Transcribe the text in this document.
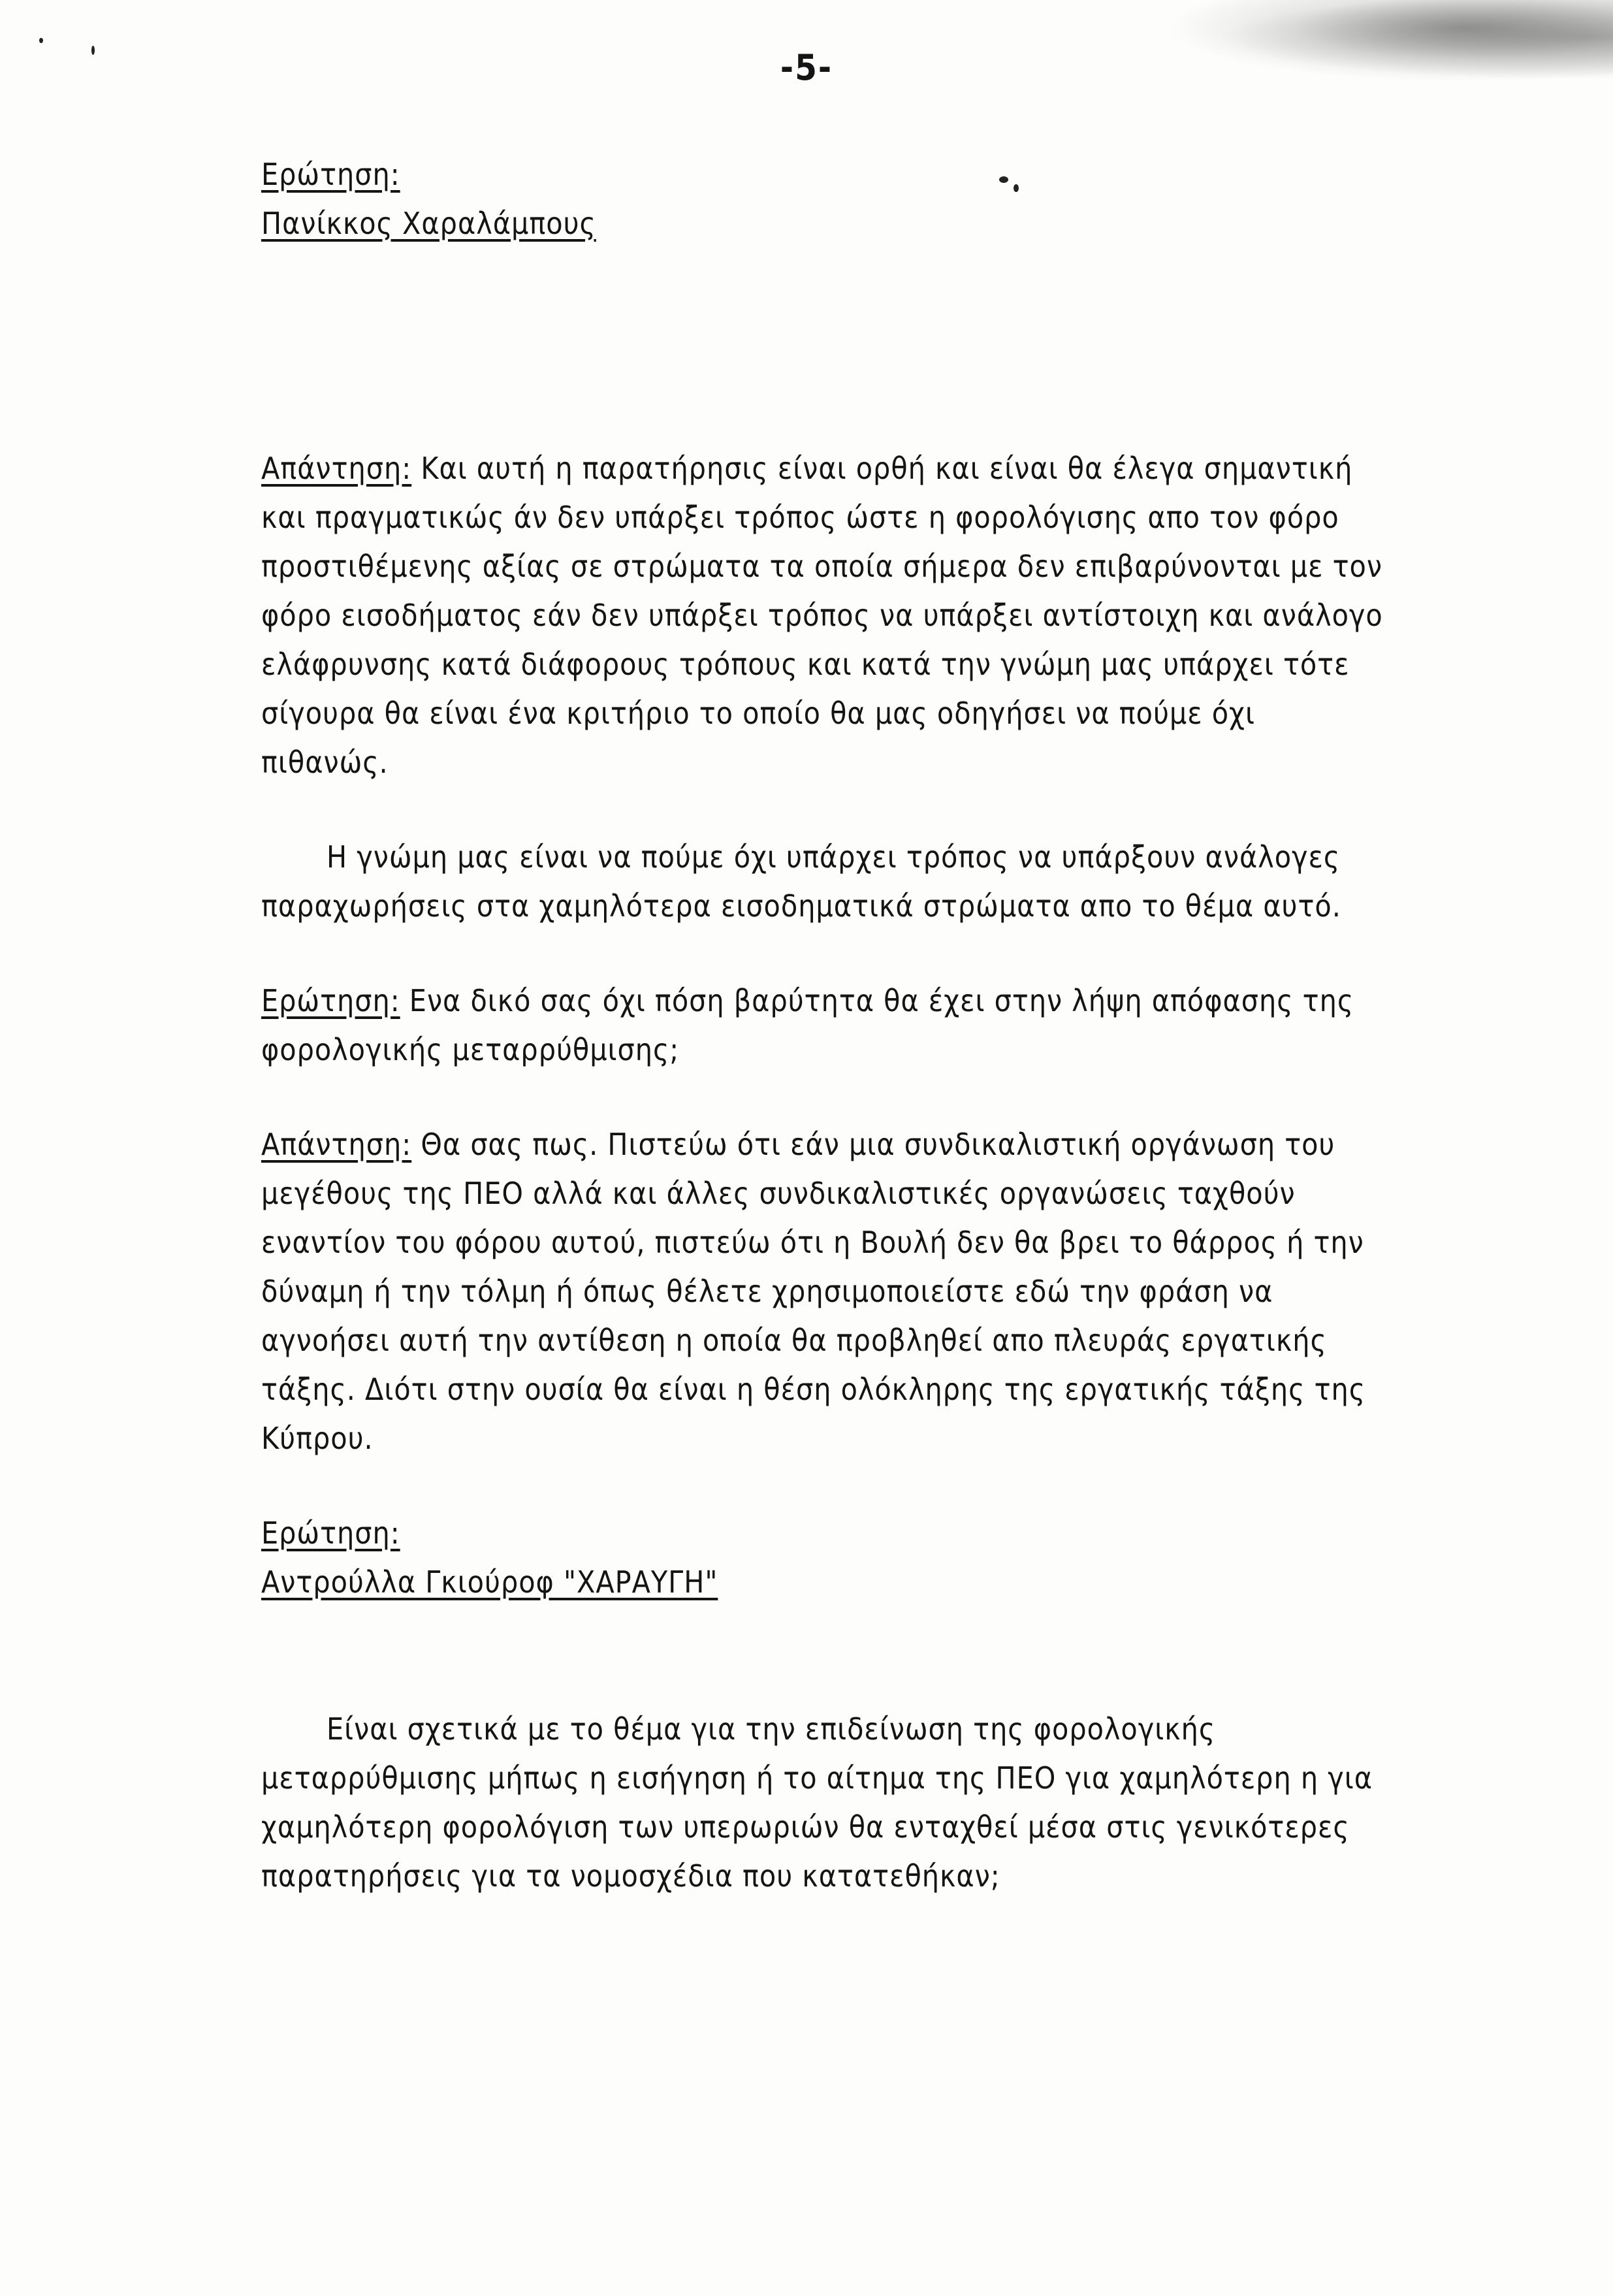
-5-

Ερώτηση:

Πανίκκος Χαραλάμπους

Απάντηση: Και αυτή η παρατήρησις είναι ορθή και είναι θα έλεγα σημαντική και πραγματικώς άν δεν υπάρξει τρόπος ώστε η φορολόγισης απο τον φόρο προστιθέμενης αξίας σε στρώματα τα οποία σήμερα δεν επιβαρύνονται με τον φόρο εισοδήματος εάν δεν υπάρξει τρόπος να υπάρξει αντίστοιχη και ανάλογο ελάφρυνσης κατά διάφορους τρόπους και κατά την γνώμη μας υπάρχει τότε σίγουρα θα είναι ένα κριτήριο το οποίο θα μας οδηγήσει να πούμε όχι πιθανώς.

Η γνώμη μας είναι να πούμε όχι υπάρχει τρόπος να υπάρξουν ανάλογες παραχωρήσεις στα χαμηλότερα εισοδηματικά στρώματα απο το θέμα αυτό.

Ερώτηση: Ενα δικό σας όχι πόση βαρύτητα θα έχει στην λήψη απόφασης της φορολογικής μεταρρύθμισης;

Απάντηση: Θα σας πως. Πιστεύω ότι εάν μια συνδικαλιστική οργάνωση του μεγέθους της ΠΕΟ αλλά και άλλες συνδικαλιστικές οργανώσεις ταχθούν εναντίον του φόρου αυτού, πιστεύω ότι η Βουλή δεν θα βρει το θάρρος ή την δύναμη ή την τόλμη ή όπως θέλετε χρησιμοποιείστε εδώ την φράση να αγνοήσει αυτή την αντίθεση η οποία θα προβληθεί απο πλευράς εργατικής τάξης. Διότι στην ουσία θα είναι η θέση ολόκληρης της εργατικής τάξης της Κύπρου.

Ερώτηση:

Αντρούλλα Γκιούροφ "ΧΑΡΑΥΓΗ"

Είναι σχετικά με το θέμα για την επιδείνωση της φορολογικής μεταρρύθμισης μήπως η εισήγηση ή το αίτημα της ΠΕΟ για χαμηλότερη η για χαμηλότερη φορολόγιση των υπερωριών θα ενταχθεί μέσα στις γενικότερες παρατηρήσεις για τα νομοσχέδια που κατατεθήκαν;
